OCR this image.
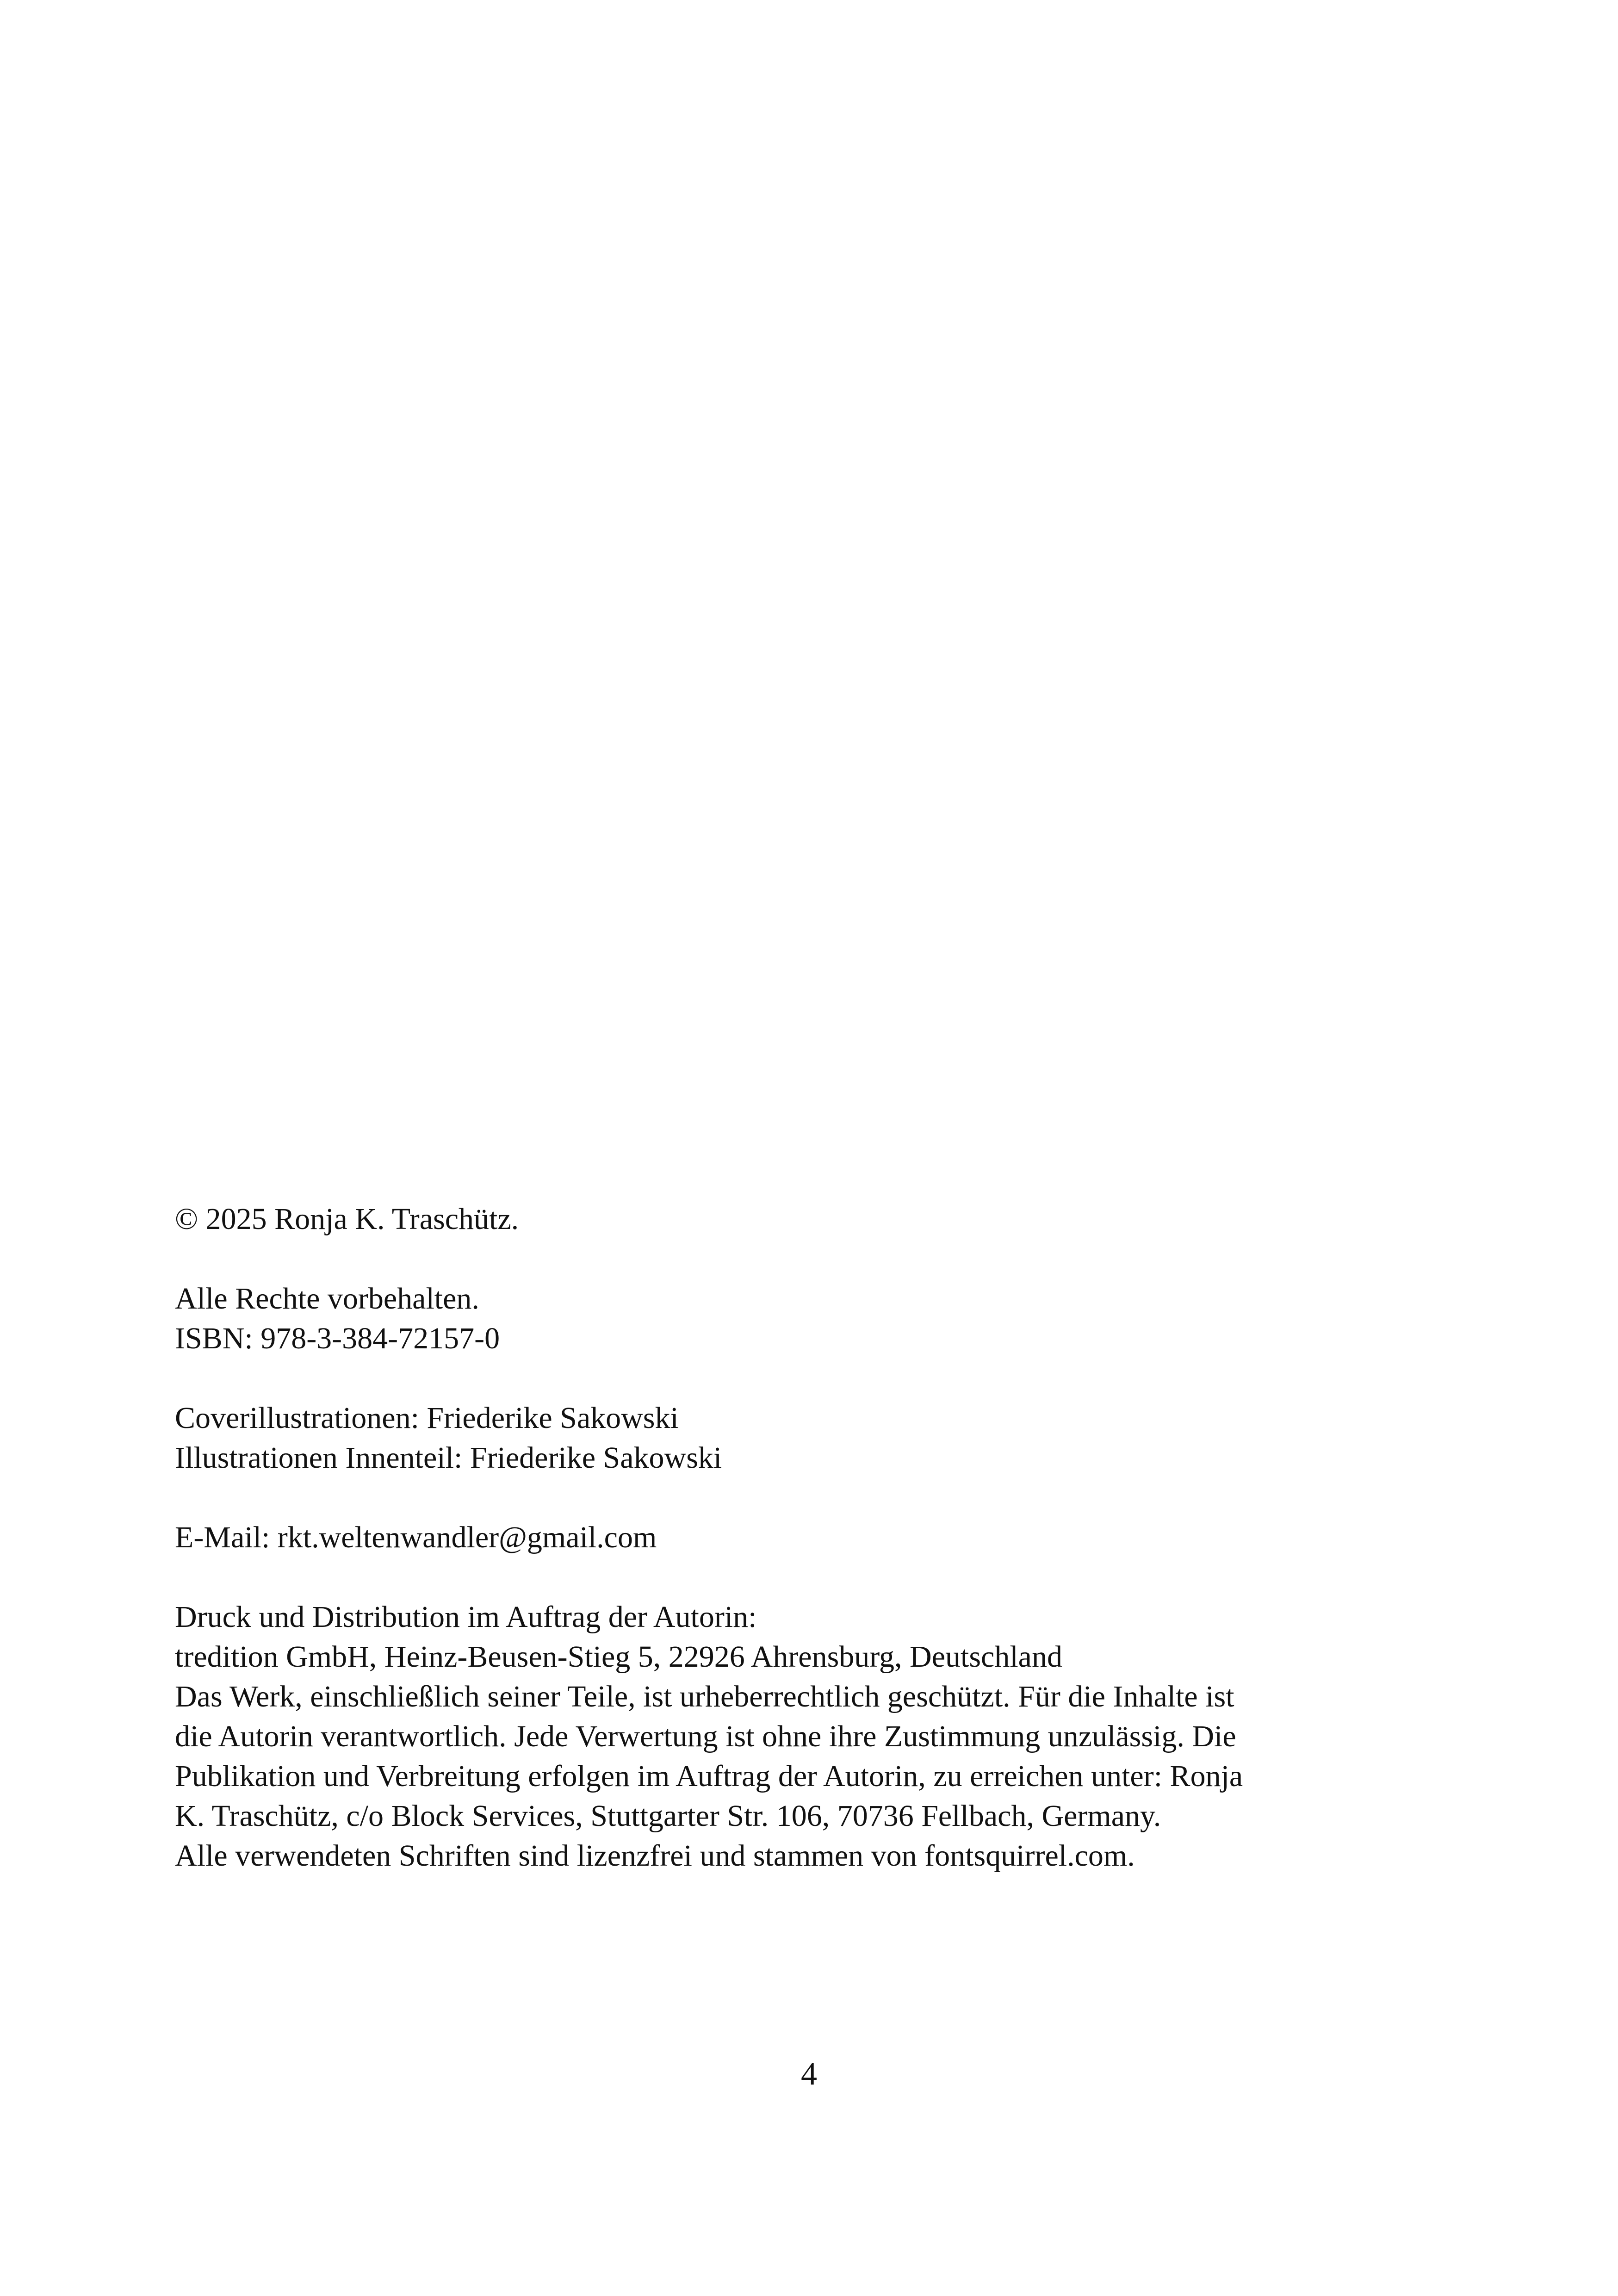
© 2025 Ronja K. Traschütz.
Alle Rechte vorbehalten.
ISBN: 978-3-384-72157-0
Coverillustrationen: Friederike Sakowski
Illustrationen Innenteil: Friederike Sakowski
E-Mail: rkt.weltenwandler@gmail.com
Druck und Distribution im Auftrag der Autorin:
tredition GmbH, Heinz-Beusen-Stieg 5, 22926 Ahrensburg, Deutschland
Das Werk, einschließlich seiner Teile, ist urheberrechtlich geschützt. Für die Inhalte ist
die Autorin verantwortlich. Jede Verwertung ist ohne ihre Zustimmung unzulässig. Die
Publikation und Verbreitung erfolgen im Auftrag der Autorin, zu erreichen unter: Ronja
K. Traschütz, c/o Block Services, Stuttgarter Str. 106, 70736 Fellbach, Germany.
Alle verwendeten Schriften sind lizenzfrei und stammen von fontsquirrel.com.
4
